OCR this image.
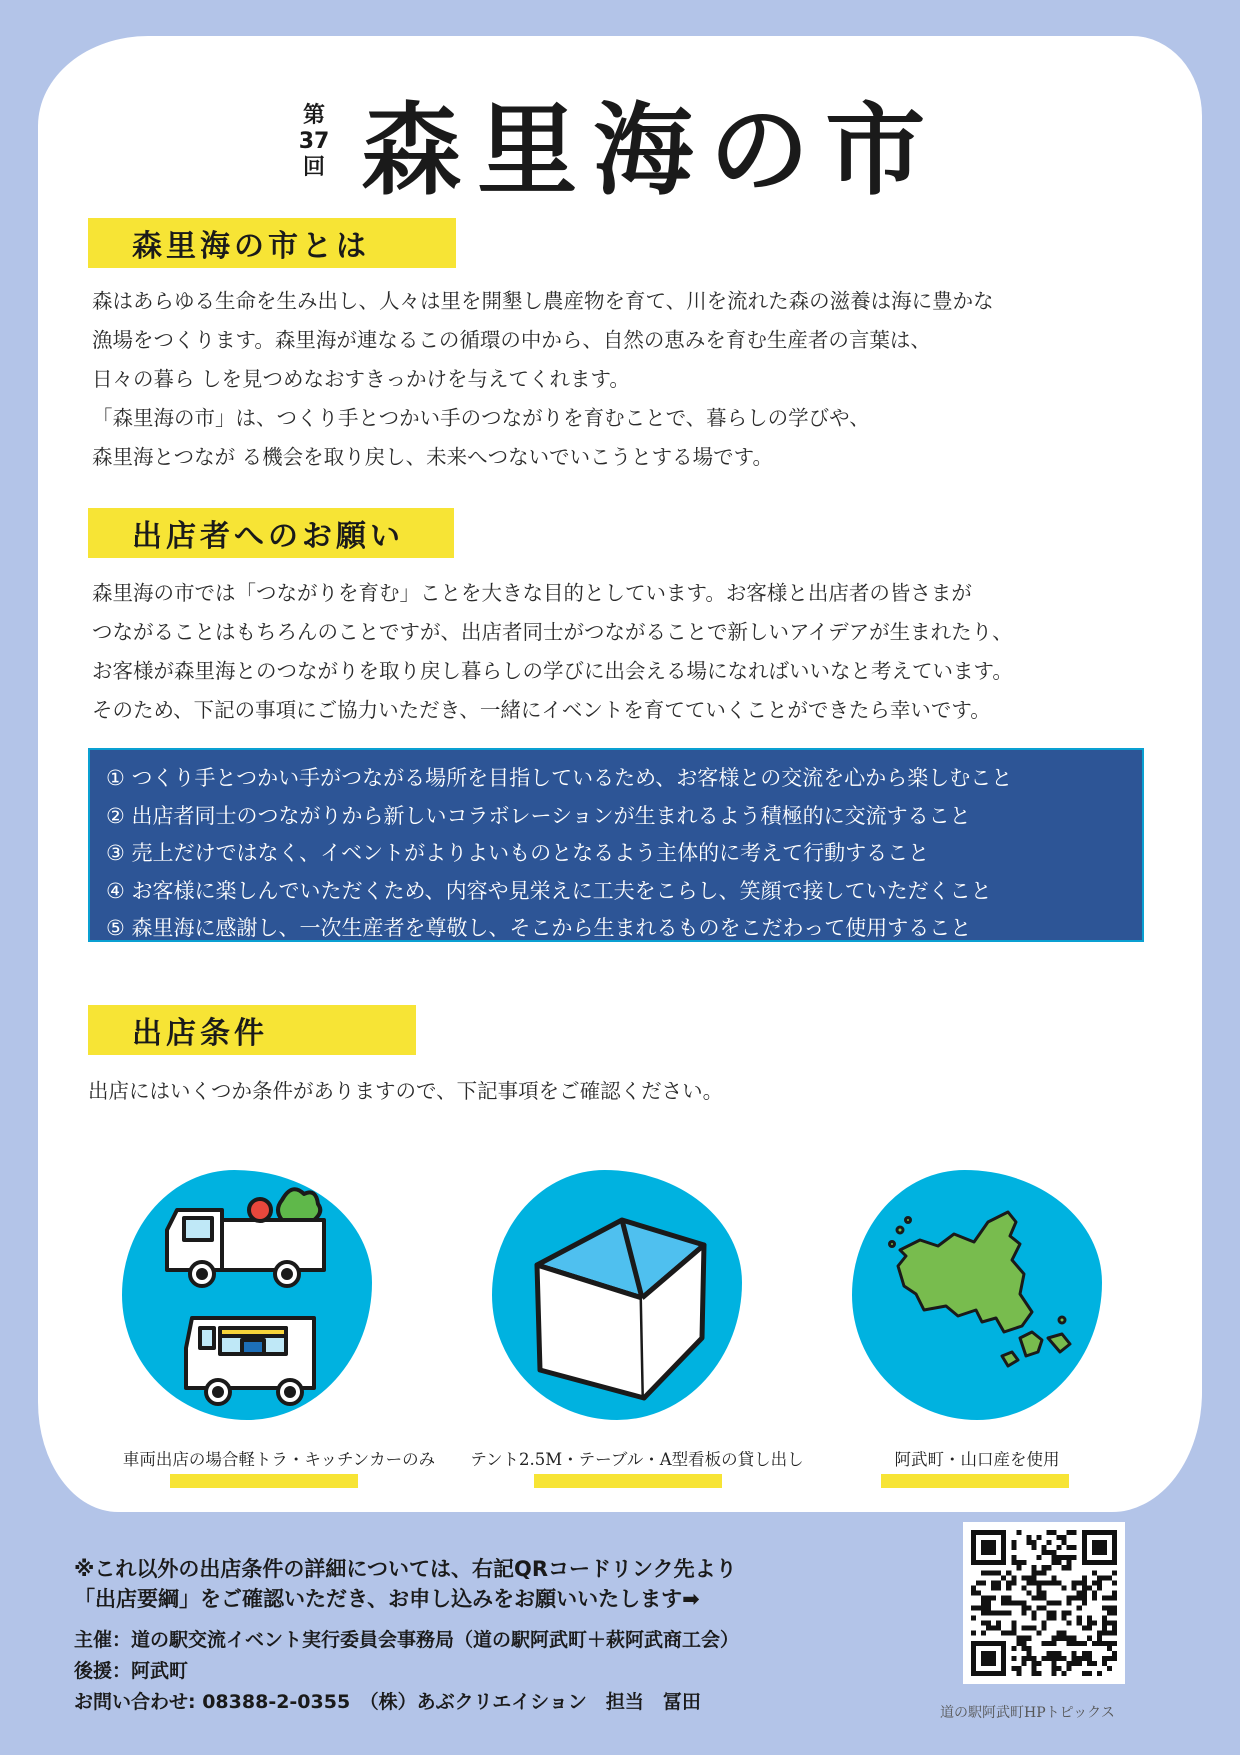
第
37
回 森里海の市
森里海の市とは

森はあらゆる生命を生み出し、人々は里を開墾し農産物を育て、川を流れた森の滋養は海に豊かな

漁場をつくります。森里海が連なるこの循環の中から、自然の恵みを育む生産者の言葉は、

日々の暮ら しを見つめなおすきっかけを与えてくれます。

「森里海の市」は、つくり手とつかい手のつながりを育むことで、暮らしの学びや、

森里海とつなが る機会を取り戻し、未来へつないでいこうとする場です。

出店者へのお願い

森里海の市では「つながりを育む」ことを大きな目的としています。お客様と出店者の皆さまが

つながることはもちろんのことですが、出店者同士がつながることで新しいアイデアが生まれたり、

お客様が森里海とのつながりを取り戻し暮らしの学びに出会える場になればいいなと考えています。

そのため、下記の事項にご協力いただき、一緒にイベントを育てていくことができたら幸いです。

① つくり手とつかい手がつながる場所を目指しているため、お客様との交流を心から楽しむこと
② 出店者同士のつながりから新しいコラボレーションが生まれるよう積極的に交流すること
③ 売上だけではなく、イベントがよりよいものとなるよう主体的に考えて行動すること
④ お客様に楽しんでいただくため、内容や見栄えに工夫をこらし、笑顔で接していただくこと
⑤ 森里海に感謝し、一次生産者を尊敬し、そこから生まれるものをこだわって使用すること
出店条件
出店にはいくつか条件がありますので、下記事項をご確認ください。
車両出店の場合軽トラ・キッチンカーのみ	テント2.5M・テーブル・A型看板の貸し出し	阿武町・山口産を使用
※これ以外の出店条件の詳細については、右記QRコードリンク先より
「出店要綱」をご確認いただき、お申し込みをお願いいたします➡
主催：道の駅交流イベント実行委員会事務局（道の駅阿武町＋萩阿武商工会）
後援：阿武町
お問い合わせ: 08388-2-0355　（株）あぶクリエイション　担当　冨田	道の駅阿武町HPトピックス
